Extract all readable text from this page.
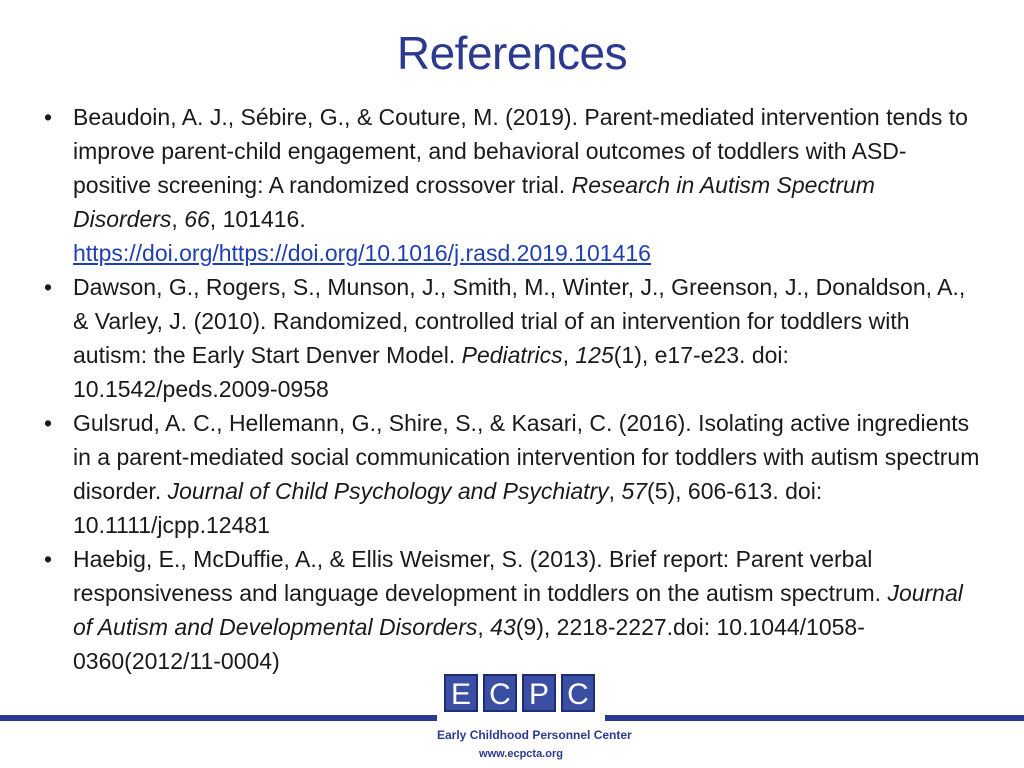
References
• Beaudoin, A. J., Sébire, G., & Couture, M. (2019). Parent-mediated intervention tends to improve parent-child engagement, and behavioral outcomes of toddlers with ASD-positive screening: A randomized crossover trial. Research in Autism Spectrum Disorders, 66, 101416.
https://doi.org/https://doi.org/10.1016/j.rasd.2019.101416
• Dawson, G., Rogers, S., Munson, J., Smith, M., Winter, J., Greenson, J., Donaldson, A., & Varley, J. (2010). Randomized, controlled trial of an intervention for toddlers with autism: the Early Start Denver Model. Pediatrics, 125(1), e17-e23. doi: 10.1542/peds.2009-0958
• Gulsrud, A. C., Hellemann, G., Shire, S., & Kasari, C. (2016). Isolating active ingredients in a parent-mediated social communication intervention for toddlers with autism spectrum disorder. Journal of Child Psychology and Psychiatry, 57(5), 606-613. doi: 10.1111/jcpp.12481
• Haebig, E., McDuffie, A., & Ellis Weismer, S. (2013). Brief report: Parent verbal responsiveness and language development in toddlers on the autism spectrum. Journal of Autism and Developmental Disorders, 43(9), 2218-2227.doi: 10.1044/1058-0360(2012/11-0004)
E C P C
Early Childhood Personnel Center
www.ecpcta.org
